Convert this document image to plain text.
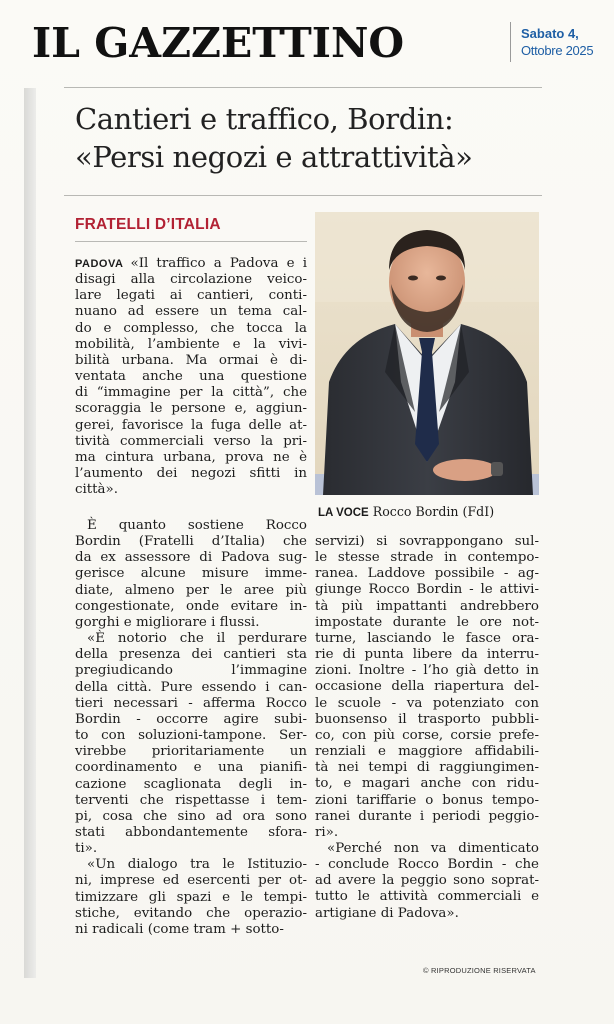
IL GAZZETTINO	Sabato 4,
Ottobre 2025
Cantieri e traffico, Bordin:
«Persi negozi e attrattività»
FRATELLI D’ITALIA
LA VOCE Rocco Bordin (FdI)
PADOVA «Il traffico a Padova e i
disagi alla circolazione veico-
lare legati ai cantieri, conti-
nuano ad essere un tema cal-
do e complesso, che tocca la
mobilità, l’ambiente e la vivi-
bilità urbana. Ma ormai è di-
ventata anche una questione
di “immagine per la città”, che
scoraggia le persone e, aggiun-
gerei, favorisce la fuga delle at-
tività commerciali verso la pri-
ma cintura urbana, prova ne è
l’aumento dei negozi sfitti in
città».
È quanto sostiene Rocco
Bordin (Fratelli d’Italia) che
da ex assessore di Padova sug-
gerisce alcune misure imme-
diate, almeno per le aree più
congestionate, onde evitare in-
gorghi e migliorare i flussi.
«È notorio che il perdurare
della presenza dei cantieri sta
pregiudicando l’immagine
della città. Pure essendo i can-
tieri necessari - afferma Rocco
Bordin - occorre agire subi-
to con soluzioni-tampone. Ser-
virebbe prioritariamente un
coordinamento e una pianifi-
cazione scaglionata degli in-
terventi che rispettasse i tem-
pi, cosa che sino ad ora sono
stati abbondantemente sfora-
ti».
«Un dialogo tra le Istituzio-
ni, imprese ed esercenti per ot-
timizzare gli spazi e le tempi-
stiche, evitando che operazio-
ni radicali (come tram + sotto-
servizi) si sovrappongano sul-
le stesse strade in contempo-
ranea. Laddove possibile - ag-
giunge Rocco Bordin - le attivi-
tà più impattanti andrebbero
impostate durante le ore not-
turne, lasciando le fasce ora-
rie di punta libere da interru-
zioni. Inoltre - l’ho già detto in
occasione della riapertura del-
le scuole - va potenziato con
buonsenso il trasporto pubbli-
co, con più corse, corsie prefe-
renziali e maggiore affidabili-
tà nei tempi di raggiungimen-
to, e magari anche con ridu-
zioni tariffarie o bonus tempo-
ranei durante i periodi peggio-
ri».
«Perché non va dimenticato
- conclude Rocco Bordin - che
ad avere la peggio sono soprat-
tutto le attività commerciali e
artigiane di Padova».
© RIPRODUZIONE RISERVATA
